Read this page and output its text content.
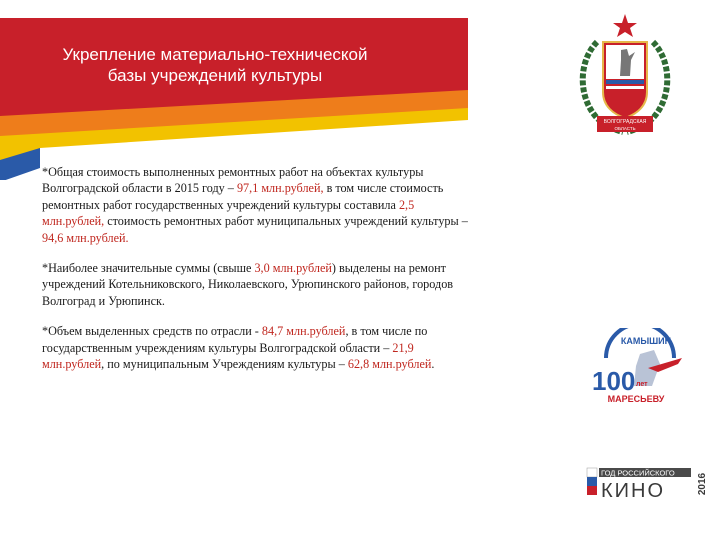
Укрепление материально-технической
базы учреждений культуры

*Общая стоимость выполненных ремонтных работ на объектах культуры Волгоградской области в 2015 году – 97,1 млн.рублей, в том числе стоимость ремонтных работ государственных учреждений культуры составила 2,5 млн.рублей, стоимость ремонтных работ муниципальных учреждений культуры – 94,6 млн.рублей.

*Наиболее значительные суммы (свыше 3,0 млн.рублей) выделены на ремонт учреждений Котельниковского, Николаевского, Урюпинского районов, городов Волгоград и Урюпинск.

*Объем выделенных средств по отрасли - 84,7 млн.рублей, в том числе по государственным учреждениям культуры Волгоградской области – 21,9 млн.рублей, по муниципальным Учреждениям культуры – 62,8 млн.рублей.

ВОЛГОГРАДСКАЯ
ОБЛАСТЬ
КАМЫШИН
100 лет
МАРЕСЬЕВУ
ГОД РОССИЙСКОГО
КИНО	2016
